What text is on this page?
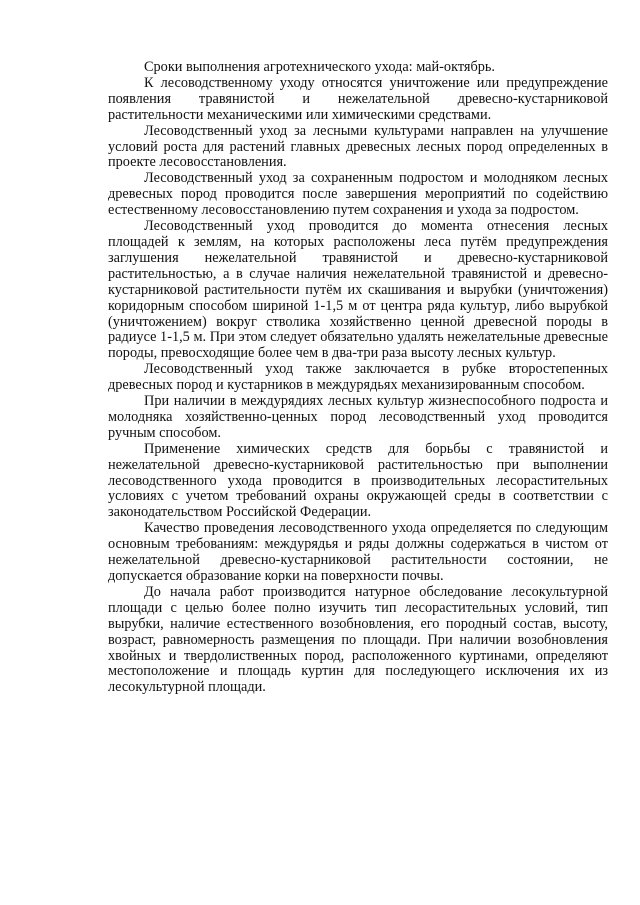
Сроки выполнения агротехнического ухода: май-октябрь.

К лесоводственному уходу относятся уничтожение или предупреждение появления травянистой и нежелательной древесно-кустарниковой растительности механическими или химическими средствами.

Лесоводственный уход за лесными культурами направлен на улучшение условий роста для растений главных древесных лесных пород определенных в проекте лесовосстановления.

Лесоводственный уход за сохраненным подростом и молодняком лесных древесных пород проводится после завершения мероприятий по содействию естественному лесовосстановлению путем сохранения и ухода за подростом.

Лесоводственный уход проводится до момента отнесения лесных площадей к землям, на которых расположены леса путём предупреждения заглушения нежелательной травянистой и древесно-кустарниковой растительностью, а в случае наличия нежелательной травянистой и древесно-кустарниковой растительности путём их скашивания и вырубки (уничтожения) коридорным способом шириной 1-1,5 м от центра ряда культур, либо вырубкой (уничтожением) вокруг стволика хозяйственно ценной древесной породы в радиусе 1-1,5 м. При этом следует обязательно удалять нежелательные древесные породы, превосходящие более чем в два-три раза высоту лесных культур.

Лесоводственный уход также заключается в рубке второстепенных древесных пород и кустарников в междурядьях механизированным способом.

При наличии в междурядиях лесных культур жизнеспособного подроста и молодняка хозяйственно-ценных пород лесоводственный уход проводится ручным способом.

Применение химических средств для борьбы с травянистой и нежелательной древесно-кустарниковой растительностью при выполнении лесоводственного ухода проводится в производительных лесорастительных условиях с учетом требований охраны окружающей среды в соответствии с законодательством Российской Федерации.

Качество проведения лесоводственного ухода определяется по следующим основным требованиям: междурядья и ряды должны содержаться в чистом от нежелательной древесно-кустарниковой растительности состоянии, не допускается образование корки на поверхности почвы.

До начала работ производится натурное обследование лесокультурной площади с целью более полно изучить тип лесорастительных условий, тип вырубки, наличие естественного возобновления, его породный состав, высоту, возраст, равномерность размещения по площади. При наличии возобновления хвойных и твердолиственных пород, расположенного куртинами, определяют местоположение и площадь куртин для последующего исключения их из лесокультурной площади.
